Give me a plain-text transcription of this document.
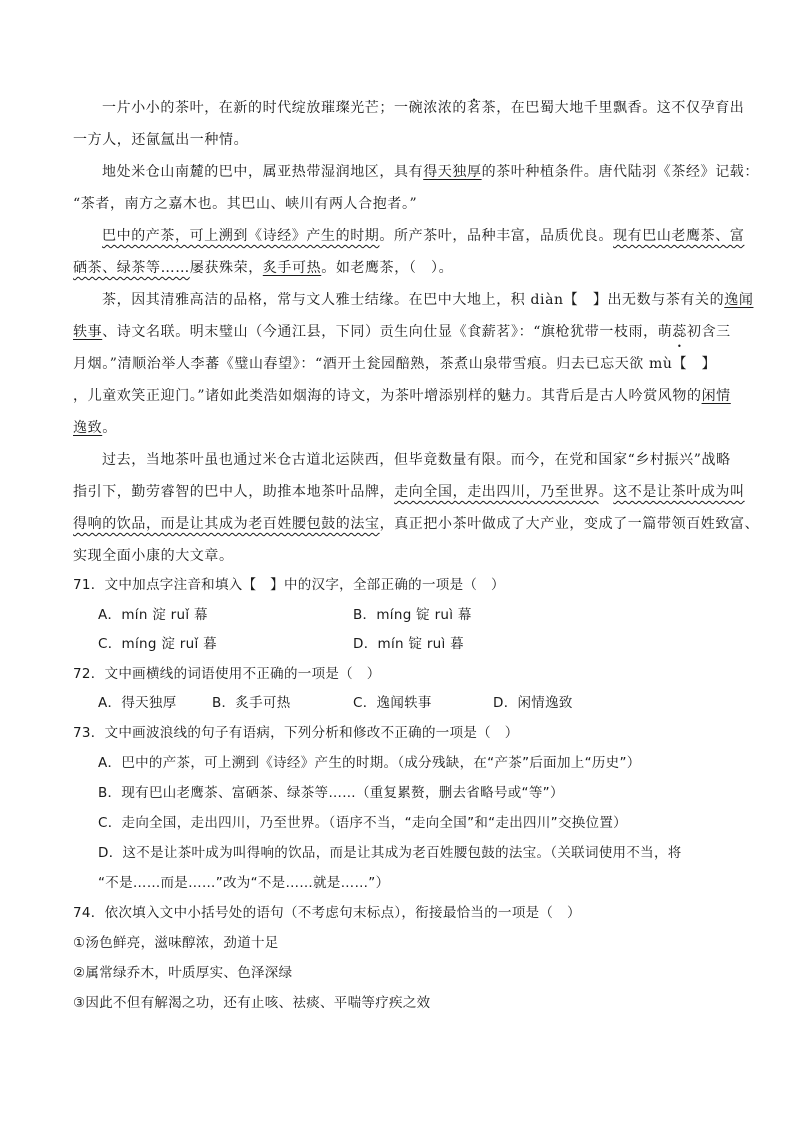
一片小小的茶叶，在新的时代绽放璀璨光芒；一碗浓浓的茗茶，在巴蜀大地千里飘香。这不仅孕育出
一方人，还氤氲出一种情。
地处米仓山南麓的巴中，属亚热带湿润地区，具有得天独厚的茶叶种植条件。唐代陆羽《茶经》记载：
“茶者，南方之嘉木也。其巴山、峡川有两人合抱者。”
巴中的产茶，可上溯到《诗经》产生的时期。所产茶叶，品种丰富，品质优良。现有巴山老鹰茶、富
硒茶、绿茶等……屡获殊荣，炙手可热。如老鹰茶，（　）。
茶，因其清雅高洁的品格，常与文人雅士结缘。在巴中大地上，积 diàn【　】出无数与茶有关的逸闻
轶事、诗文名联。明末璧山（今通江县，下同）贡生向仕显《食薪茗》：“旗枪犹带一枝雨，萌蕊初含三
月烟。”清顺治举人李蕃《璧山春望》：“酒开土瓮园醅熟，茶煮山泉带雪痕。归去已忘天欲 mù【　】
，儿童欢笑正迎门。”诸如此类浩如烟海的诗文，为茶叶增添别样的魅力。其背后是古人吟赏风物的闲情
逸致。
过去，当地茶叶虽也通过米仓古道北运陕西，但毕竟数量有限。而今，在党和国家“乡村振兴”战略
指引下，勤劳睿智的巴中人，助推本地茶叶品牌，走向全国，走出四川，乃至世界。这不是让茶叶成为叫
得响的饮品，而是让其成为老百姓腰包鼓的法宝，真正把小茶叶做成了大产业，变成了一篇带领百姓致富、
实现全面小康的大文章。
71．文中加点字注音和填入【　】中的汉字，全部正确的一项是（　）
A．mín 淀 ruǐ 幕	B．míng 锭 ruì 幕
C．míng 淀 ruǐ 暮	D．mín 锭 ruì 暮
72．文中画横线的词语使用不正确的一项是（　）
A．得天独厚	B．炙手可热	C．逸闻轶事	D．闲情逸致
73．文中画波浪线的句子有语病，下列分析和修改不正确的一项是（　）
A．巴中的产茶，可上溯到《诗经》产生的时期。（成分残缺，在“产茶”后面加上“历史”）
B．现有巴山老鹰茶、富硒茶、绿茶等……（重复累赘，删去省略号或“等”）
C．走向全国，走出四川，乃至世界。（语序不当，“走向全国”和“走出四川”交换位置）
D．这不是让茶叶成为叫得响的饮品，而是让其成为老百姓腰包鼓的法宝。（关联词使用不当，将
“不是……而是……”改为“不是……就是……”）
74．依次填入文中小括号处的语句（不考虑句末标点），衔接最恰当的一项是（　）
①汤色鲜亮，滋味醇浓，劲道十足
②属常绿乔木，叶质厚实、色泽深绿
③因此不但有解渴之功，还有止咳、祛痰、平喘等疗疾之效
